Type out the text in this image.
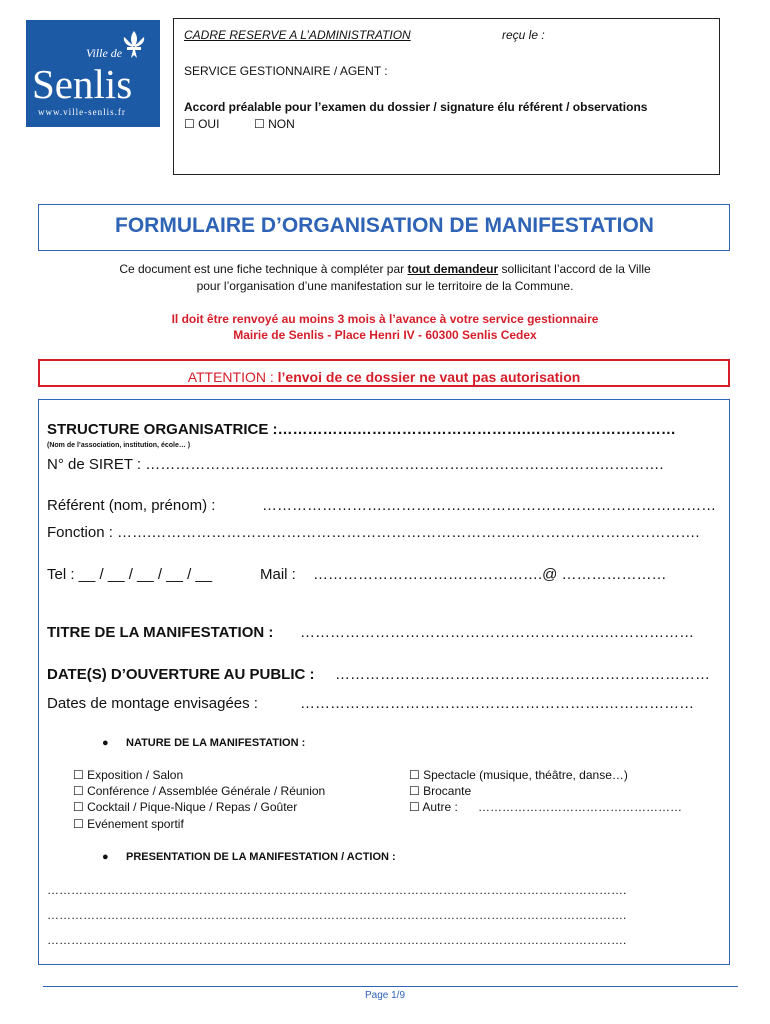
Ville de
Senlis
www.ville-senlis.fr
CADRE RESERVE A L’ADMINISTRATION	reçu le :
SERVICE GESTIONNAIRE / AGENT :
Accord préalable pour l’examen du dossier / signature élu référent / observations
☐ OUI	☐ NON
FORMULAIRE D’ORGANISATION DE MANIFESTATION
Ce document est une fiche technique à compléter par tout demandeur sollicitant l’accord de la Ville
pour l’organisation d’une manifestation sur le territoire de la Commune.
Il doit être renvoyé au moins 3 mois à l’avance à votre service gestionnaire
Mairie de Senlis - Place Henri IV - 60300 Senlis Cedex
ATTENTION : l’envoi de ce dossier ne vaut pas autorisation
STRUCTURE ORGANISATRICE :…………….…………………………….…………………………
(Nom de l’association, institution, école… )
N° de SIRET : …………………….…………………………………………………………………….
Référent (nom, prénom) :	…………………….…………………………………………………………
Fonction : …….……………………………………………………………….……………………………….
Tel : __ / __ / __ / __ / __	Mail : ……………………………………….@ …………………
TITRE DE LA MANIFESTATION : …………………………………………………….………………
DATE(S) D’OUVERTURE AU PUBLIC : …………………………………………………………………
Dates de montage envisagées :	…………………………………………………….………………
● NATURE DE LA MANIFESTATION :
☐ Exposition / Salon
☐ Conférence / Assemblée Générale / Réunion
☐ Cocktail / Pique-Nique / Repas / Goûter
☐ Evénement sportif
☐ Spectacle (musique, théâtre, danse…)
☐ Brocante
☐ Autre : ……………………………………………
● PRESENTATION DE LA MANIFESTATION / ACTION :
……………………………………………………………………………………………………………………………….
……………………………………………………………………………………………………………………………….
……………………………………………………………………………………………………………………………….
Page 1/9
